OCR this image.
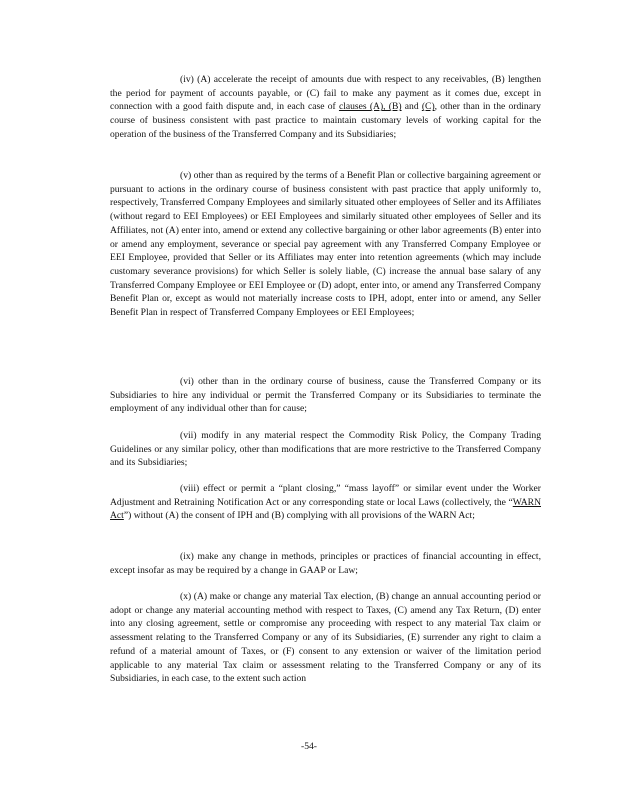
(iv) (A) accelerate the receipt of amounts due with respect to any receivables, (B) lengthen the period for payment of accounts payable, or (C) fail to make any payment as it comes due, except in connection with a good faith dispute and, in each case of clauses (A), (B) and (C), other than in the ordinary course of business consistent with past practice to maintain customary levels of working capital for the operation of the business of the Transferred Company and its Subsidiaries;

(v) other than as required by the terms of a Benefit Plan or collective bargaining agreement or pursuant to actions in the ordinary course of business consistent with past practice that apply uniformly to, respectively, Transferred Company Employees and similarly situated other employees of Seller and its Affiliates (without regard to EEI Employees) or EEI Employees and similarly situated other employees of Seller and its Affiliates, not (A) enter into, amend or extend any collective bargaining or other labor agreements (B) enter into or amend any employment, severance or special pay agreement with any Transferred Company Employee or EEI Employee, provided that Seller or its Affiliates may enter into retention agreements (which may include customary severance provisions) for which Seller is solely liable, (C) increase the annual base salary of any Transferred Company Employee or EEI Employee or (D) adopt, enter into, or amend any Transferred Company Benefit Plan or, except as would not materially increase costs to IPH, adopt, enter into or amend, any Seller Benefit Plan in respect of Transferred Company Employees or EEI Employees;

(vi) other than in the ordinary course of business, cause the Transferred Company or its Subsidiaries to hire any individual or permit the Transferred Company or its Subsidiaries to terminate the employment of any individual other than for cause;

(vii) modify in any material respect the Commodity Risk Policy, the Company Trading Guidelines or any similar policy, other than modifications that are more restrictive to the Transferred Company and its Subsidiaries;

(viii) effect or permit a “plant closing,” “mass layoff” or similar event under the Worker Adjustment and Retraining Notification Act or any corresponding state or local Laws (collectively, the “WARN Act”) without (A) the consent of IPH and (B) complying with all provisions of the WARN Act;

(ix) make any change in methods, principles or practices of financial accounting in effect, except insofar as may be required by a change in GAAP or Law;

(x) (A) make or change any material Tax election, (B) change an annual accounting period or adopt or change any material accounting method with respect to Taxes, (C) amend any Tax Return, (D) enter into any closing agreement, settle or compromise any proceeding with respect to any material Tax claim or assessment relating to the Transferred Company or any of its Subsidiaries, (E) surrender any right to claim a refund of a material amount of Taxes, or (F) consent to any extension or waiver of the limitation period applicable to any material Tax claim or assessment relating to the Transferred Company or any of its Subsidiaries, in each case, to the extent such action

-54-
